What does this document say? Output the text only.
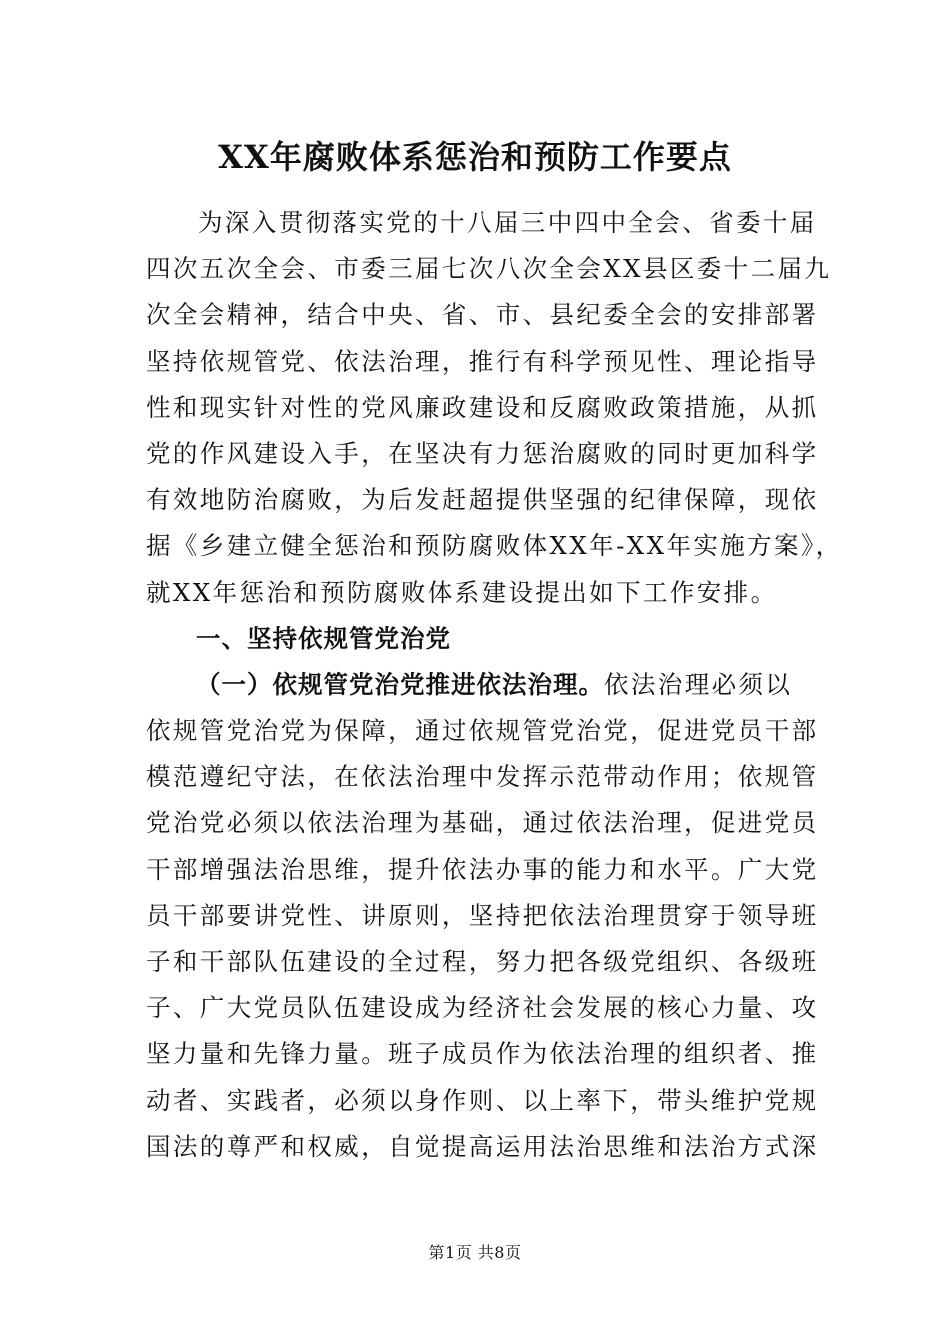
XX年腐败体系惩治和预防工作要点
为深入贯彻落实党的十八届三中四中全会、省委十届
四次五次全会、市委三届七次八次全会XX县区委十二届九
次全会精神，结合中央、省、市、县纪委全会的安排部署
坚持依规管党、依法治理，推行有科学预见性、理论指导
性和现实针对性的党风廉政建设和反腐败政策措施，从抓
党的作风建设入手，在坚决有力惩治腐败的同时更加科学
有效地防治腐败，为后发赶超提供坚强的纪律保障，现依
据《乡建立健全惩治和预防腐败体XX年-XX年实施方案》，
就XX年惩治和预防腐败体系建设提出如下工作安排。
一、坚持依规管党治党
（一）依规管党治党推进依法治理。依法治理必须以
依规管党治党为保障，通过依规管党治党，促进党员干部
模范遵纪守法，在依法治理中发挥示范带动作用；依规管
党治党必须以依法治理为基础，通过依法治理，促进党员
干部增强法治思维，提升依法办事的能力和水平。广大党
员干部要讲党性、讲原则，坚持把依法治理贯穿于领导班
子和干部队伍建设的全过程，努力把各级党组织、各级班
子、广大党员队伍建设成为经济社会发展的核心力量、攻
坚力量和先锋力量。班子成员作为依法治理的组织者、推
动者、实践者，必须以身作则、以上率下，带头维护党规
国法的尊严和权威，自觉提高运用法治思维和法治方式深
第1页 共8页
